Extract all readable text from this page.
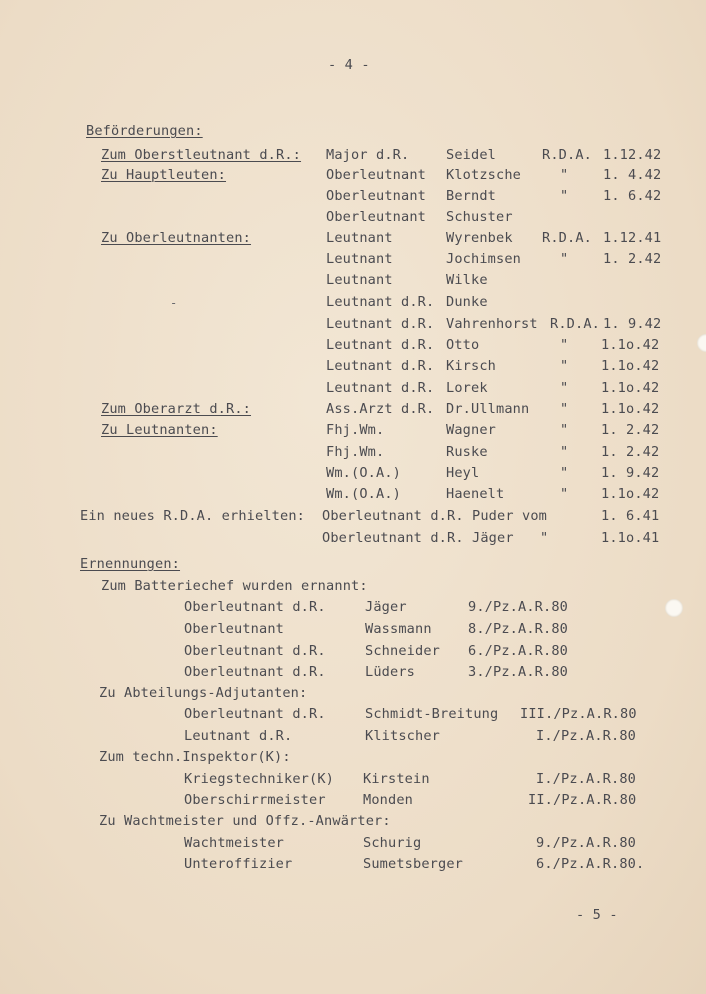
-
- 4 -
Beförderungen:
Zum Oberstleutnant d.R.: Major d.R.	Seidel	R.D.A. 1.12.42
Zu Hauptleuten:	Oberleutnant Klotzsche	"	1. 4.42
Oberleutnant Berndt	"	1. 6.42
Oberleutnant Schuster
Zu Oberleutnanten:	Leutnant	Wyrenbek R.D.A. 1.12.41
Leutnant	Jochimsen	"	1. 2.42
Leutnant	Wilke
Leutnant d.R. Dunke
Leutnant d.R. Vahrenhorst R.D.A. 1. 9.42
Leutnant d.R. Otto	" 1.1o.42
Leutnant d.R. Kirsch	" 1.1o.42
Leutnant d.R. Lorek	" 1.1o.42
Zum Oberarzt d.R.:	Ass.Arzt d.R. Dr.Ullmann " 1.1o.42
Zu Leutnanten:	Fhj.Wm.	Wagner	" 1. 2.42
Fhj.Wm.	Ruske	" 1. 2.42
Wm.(O.A.)	Heyl	" 1. 9.42
Wm.(O.A.)	Haenelt	" 1.1o.42
Ein neues R.D.A. erhielten: Oberleutnant d.R. Puder vom	1. 6.41
Oberleutnant d.R. Jäger "	1.1o.41
Ernennungen:
Zum Batteriechef wurden ernannt:
Oberleutnant d.R.	Jäger	9./Pz.A.R.80
Oberleutnant	Wassmann	8./Pz.A.R.80
Oberleutnant d.R.	Schneider 6./Pz.A.R.80
Oberleutnant d.R.	Lüders	3./Pz.A.R.80
Zu Abteilungs-Adjutanten:
Oberleutnant d.R.	Schmidt-Breitung III./Pz.A.R.80
Leutnant d.R.	Klitscher	I./Pz.A.R.80
Zum techn.Inspektor(K):
Kriegstechniker(K) Kirstein	I./Pz.A.R.80
Oberschirrmeister	Monden	II./Pz.A.R.80
Zu Wachtmeister und Offz.-Anwärter:
Wachtmeister	Schurig	9./Pz.A.R.80
Unteroffizier	Sumetsberger	6./Pz.A.R.80.
- 5 -
